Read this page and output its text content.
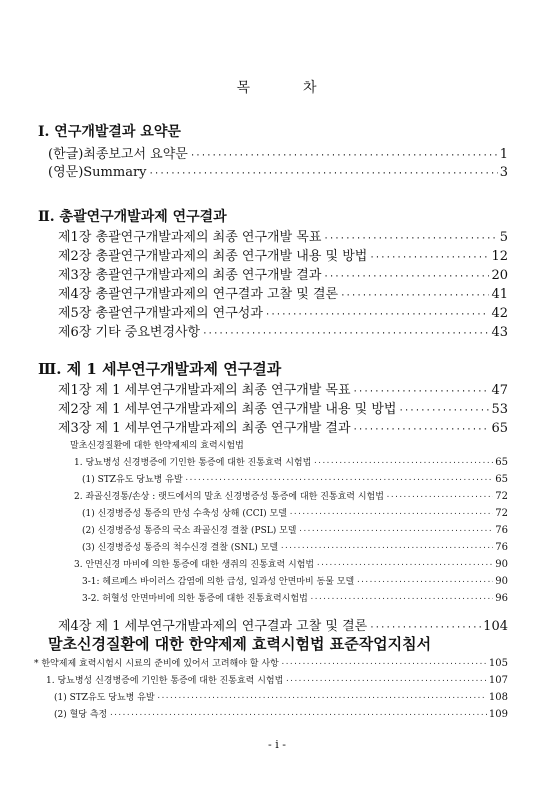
목	차
Ⅰ. 연구개발결과 요약문
(한글)최종보고서 요약문 ·····	1
(영문)Summary ·····	3
Ⅱ. 총괄연구개발과제 연구결과
제1장 총괄연구개발과제의 최종 연구개발 목표 ·····	5
제2장 총괄연구개발과제의 최종 연구개발 내용 및 방법 ·····	12
제3장 총괄연구개발과제의 최종 연구개발 결과 ·····	20
제4장 총괄연구개발과제의 연구결과 고찰 및 결론 ·····	41
제5장 총괄연구개발과제의 연구성과 ·····	42
제6장 기타 중요변경사항 ·····	43
Ⅲ. 제 1 세부연구개발과제 연구결과
제1장 제 1 세부연구개발과제의 최종 연구개발 목표 ·····	47
제2장 제 1 세부연구개발과제의 최종 연구개발 내용 및 방법 ·····	53
제3장 제 1 세부연구개발과제의 최종 연구개발 결과 ·····	65
말초신경질환에 대한 한약제제의 효력시험법
1. 당뇨병성 신경병증에 기인한 통증에 대한 진통효력 시험법 ·····	65
(1) STZ유도 당뇨병 유발 ·····	65
2. 좌골신경통/손상 : 랫드에서의 말초 신경병증성 통증에 대한 진통효력 시험법 ·····	72
(1) 신경병증성 통증의 만성 수축성 상해 (CCI) 모델 ·····	72
(2) 신경병증성 통증의 국소 좌골신경 결찰 (PSL) 모델 ·····	76
(3) 신경병증성 통증의 척수신경 결찰 (SNL) 모델 ·····	76
3. 안면신경 마비에 의한 통증에 대한 생쥐의 진통효력 시험법 ·····	90
3-1: 헤르페스 바이러스 감염에 의한 급성, 일과성 안면마비 동물 모델 ·····	90
3-2. 허혈성 안면마비에 의한 통증에 대한 진통효력시험법 ·····	96
제4장 제 1 세부연구개발과제의 연구결과 고찰 및 결론 ·····	104
말초신경질환에 대한 한약제제 효력시험법 표준작업지침서
* 한약제제 효력시험시 시료의 준비에 있어서 고려해야 할 사항 ·····	105
1. 당뇨병성 신경병증에 기인한 통증에 대한 진통효력 시험법 ·····	107
(1) STZ유도 당뇨병 유발 ·····	108
(2) 혈당 측정 ·····	109
- i -
